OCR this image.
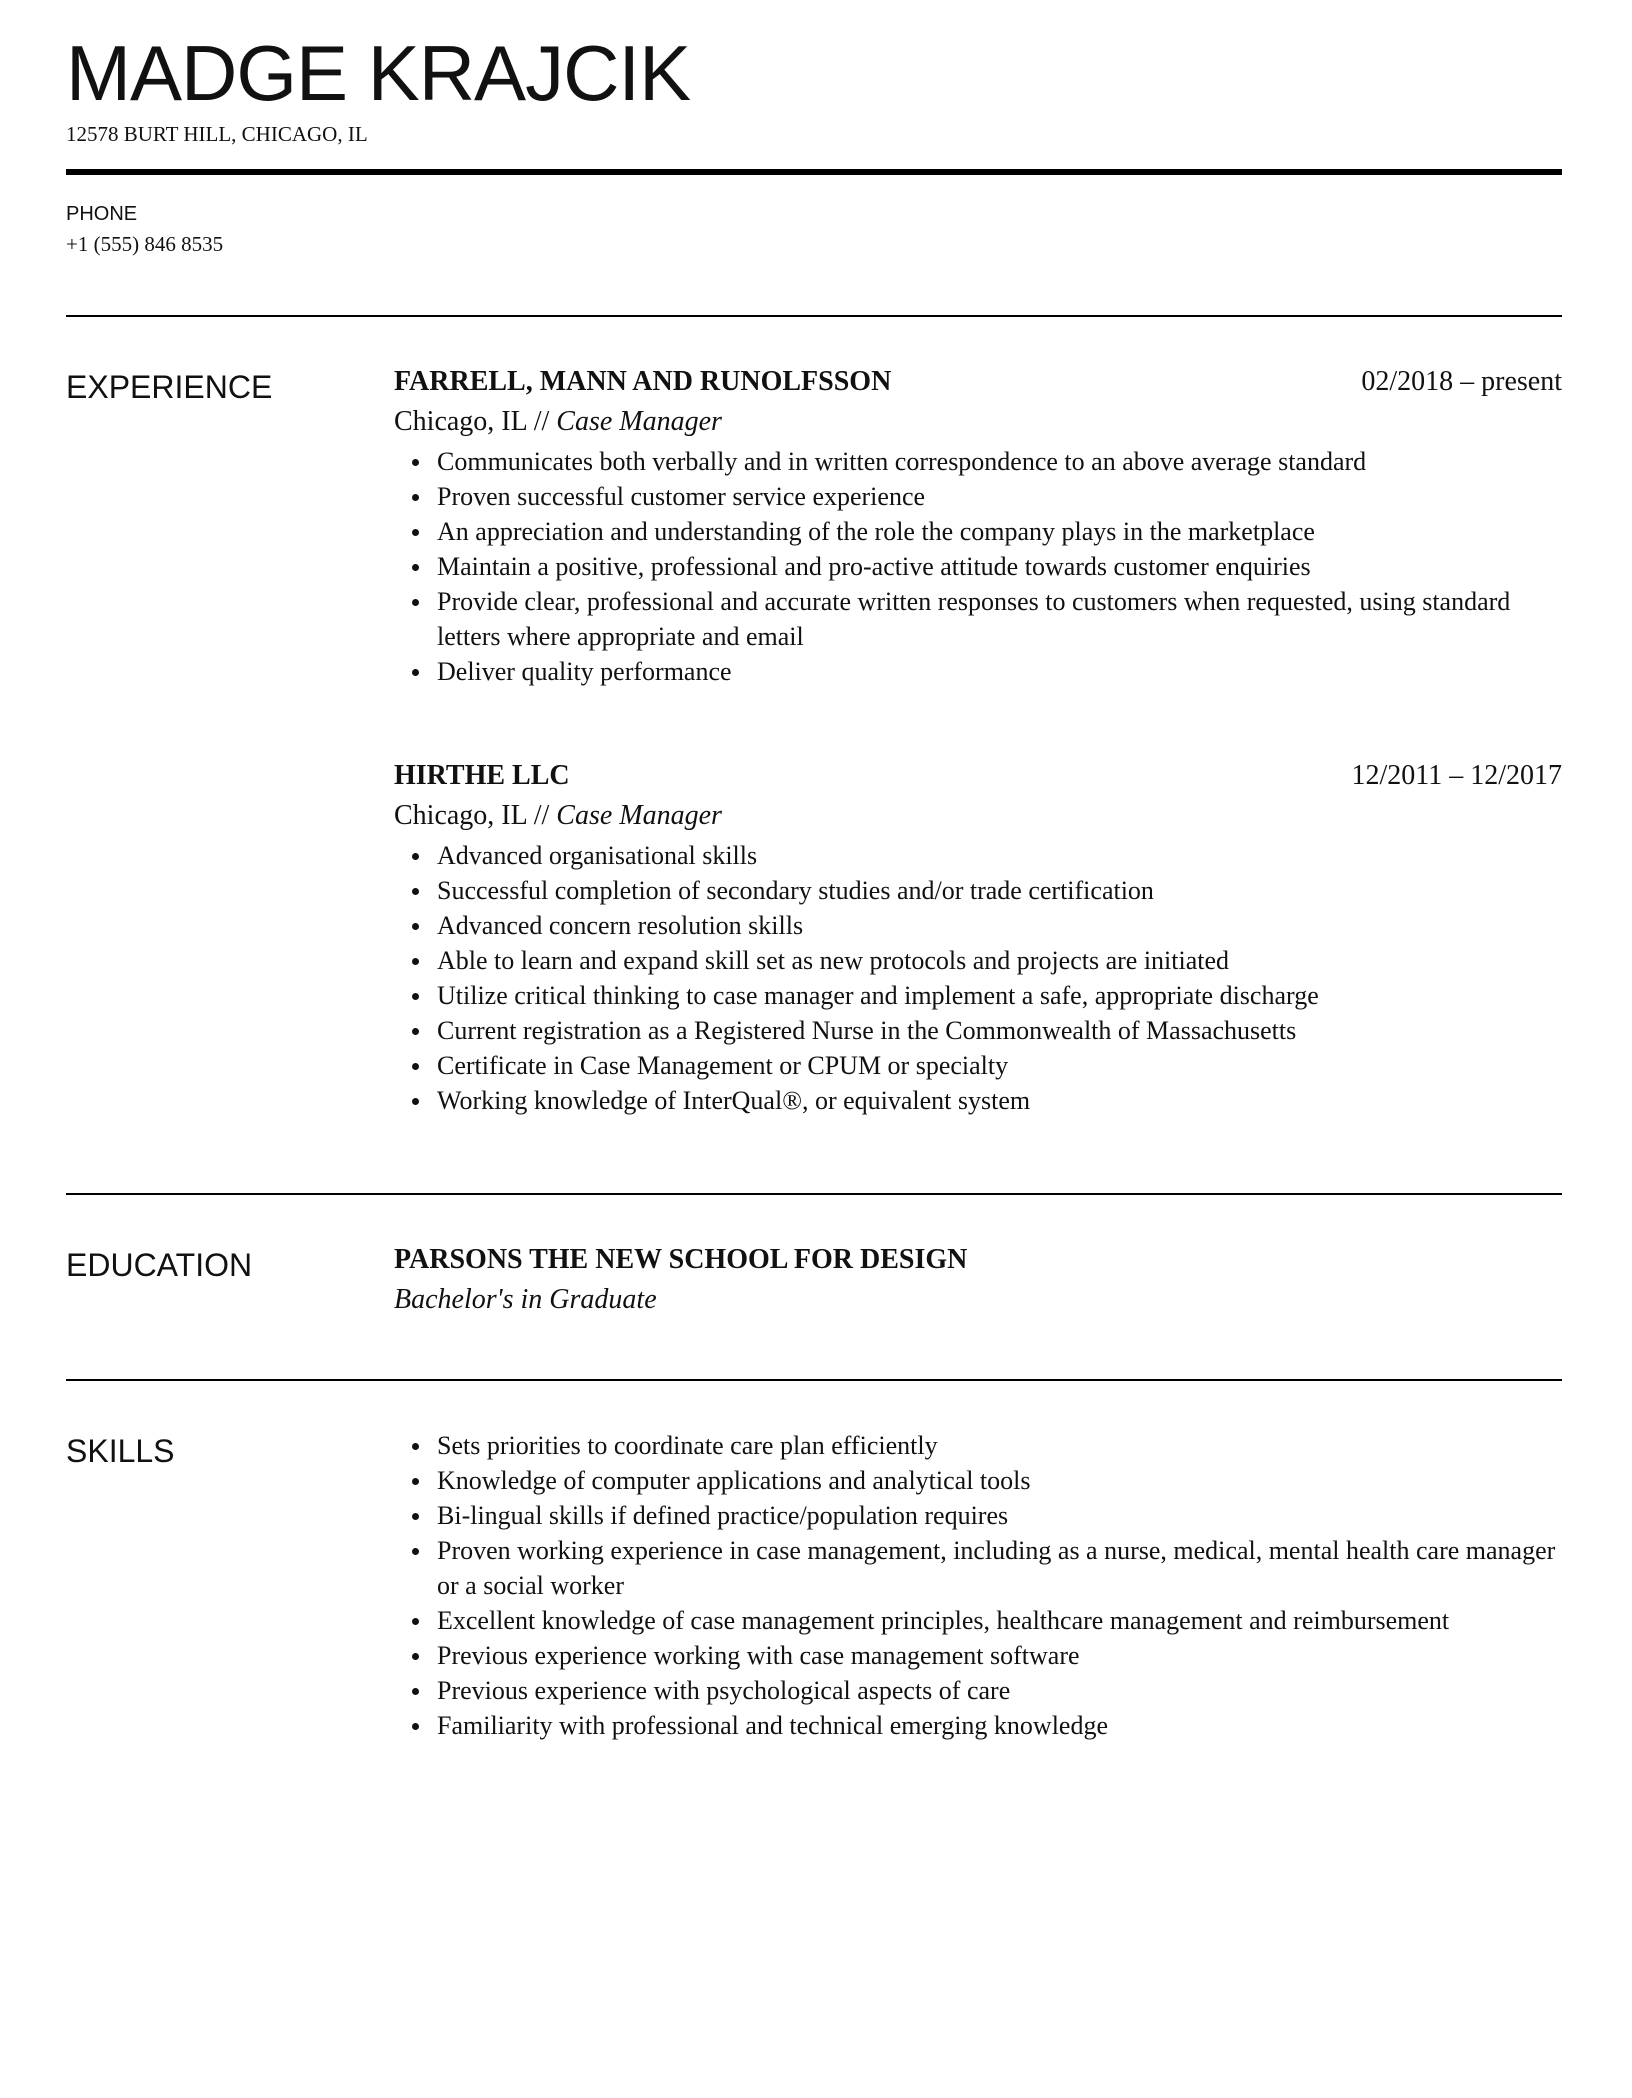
MADGE KRAJCIK
12578 BURT HILL, CHICAGO, IL
PHONE
+1 (555) 846 8535
EXPERIENCE	FARRELL, MANN AND RUNOLFSSON	02/2018 – present
Chicago, IL // Case Manager
Communicates both verbally and in written correspondence to an above average standard
Proven successful customer service experience
An appreciation and understanding of the role the company plays in the marketplace
Maintain a positive, professional and pro-active attitude towards customer enquiries
Provide clear, professional and accurate written responses to customers when requested, using standard letters where appropriate and email
Deliver quality performance
HIRTHE LLC	12/2011 – 12/2017
Chicago, IL // Case Manager
Advanced organisational skills
Successful completion of secondary studies and/or trade certification
Advanced concern resolution skills
Able to learn and expand skill set as new protocols and projects are initiated
Utilize critical thinking to case manager and implement a safe, appropriate discharge
Current registration as a Registered Nurse in the Commonwealth of Massachusetts
Certificate in Case Management or CPUM or specialty
Working knowledge of InterQual®, or equivalent system
EDUCATION	PARSONS THE NEW SCHOOL FOR DESIGN
Bachelor's in Graduate
SKILLS	Sets priorities to coordinate care plan efficiently
Knowledge of computer applications and analytical tools
Bi-lingual skills if defined practice/population requires
Proven working experience in case management, including as a nurse, medical, mental health care manager or a social worker
Excellent knowledge of case management principles, healthcare management and reimbursement
Previous experience working with case management software
Previous experience with psychological aspects of care
Familiarity with professional and technical emerging knowledge
